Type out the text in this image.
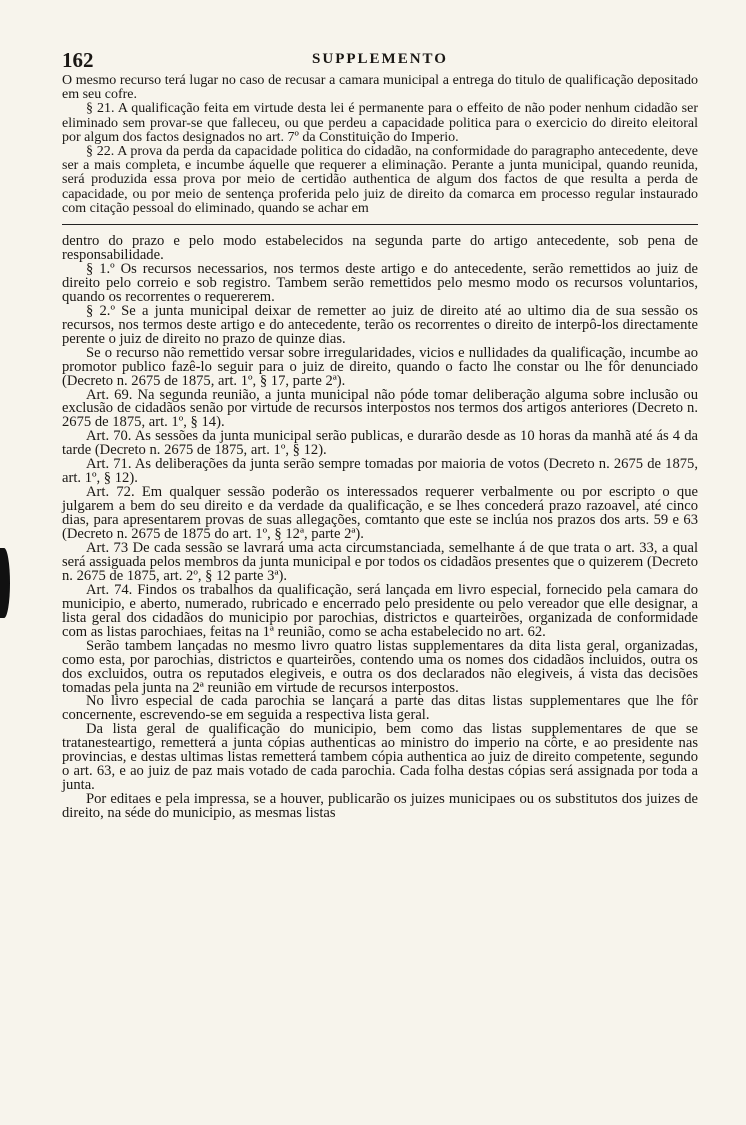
162	SUPPLEMENTO

O mesmo recurso terá lugar no caso de recusar a camara municipal a entrega do titulo de qualificação depositado em seu cofre.

§ 21. A qualificação feita em virtude desta lei é permanente para o effeito de não poder nenhum cidadão ser eliminado sem provar-se que falleceu, ou que perdeu a capacidade politica para o exercicio do direito eleitoral por algum dos factos designados no art. 7º da Constituição do Imperio.

§ 22. A prova da perda da capacidade politica do cidadão, na conformidade do paragrapho antecedente, deve ser a mais completa, e incumbe áquelle que requerer a eliminação. Perante a junta municipal, quando reunida, será produzida essa prova por meio de certidão authentica de algum dos factos de que resulta a perda de capacidade, ou por meio de sentença proferida pelo juiz de direito da comarca em processo regular instaurado com citação pessoal do eliminado, quando se achar em

dentro do prazo e pelo modo estabelecidos na segunda parte do artigo antecedente, sob pena de responsabilidade.

§ 1.º Os recursos necessarios, nos termos deste artigo e do antecedente, serão remettidos ao juiz de direito pelo correio e sob registro. Tambem serão remettidos pelo mesmo modo os recursos voluntarios, quando os recorrentes o requererem.

§ 2.º Se a junta municipal deixar de remetter ao juiz de direito até ao ultimo dia de sua sessão os recursos, nos termos deste artigo e do antecedente, terão os recorrentes o direito de interpô-los directamente perente o juiz de direito no prazo de quinze dias.

Se o recurso não remettido versar sobre irregularidades, vicios e nullidades da qualificação, incumbe ao promotor publico fazê-lo seguir para o juiz de direito, quando o facto lhe constar ou lhe fôr denunciado (Decreto n. 2675 de 1875, art. 1º, § 17, parte 2ª).

Art. 69. Na segunda reunião, a junta municipal não póde tomar deliberação alguma sobre inclusão ou exclusão de cidadãos senão por virtude de recursos interpostos nos termos dos artigos anteriores (Decreto n. 2675 de 1875, art. 1º, § 14).

Art. 70. As sessões da junta municipal serão publicas, e durarão desde as 10 horas da manhã até ás 4 da tarde (Decreto n. 2675 de 1875, art. 1º, § 12).

Art. 71. As deliberações da junta serão sempre tomadas por maioria de votos (Decreto n. 2675 de 1875, art. 1º, § 12).

Art. 72. Em qualquer sessão poderão os interessados requerer verbalmente ou por escripto o que julgarem a bem do seu direito e da verdade da qualificação, e se lhes concederá prazo razoavel, até cinco dias, para apresentarem provas de suas allegações, comtanto que este se inclúa nos prazos dos arts. 59 e 63 (Decreto n. 2675 de 1875 do art. 1º, § 12ª, parte 2ª).

Art. 73 De cada sessão se lavrará uma acta circumstanciada, semelhante á de que trata o art. 33, a qual será assiguada pelos membros da junta municipal e por todos os cidadãos presentes que o quizerem (Decreto n. 2675 de 1875, art. 2º, § 12 parte 3ª).

Art. 74. Findos os trabalhos da qualificação, será lançada em livro especial, fornecido pela camara do municipio, e aberto, numerado, rubricado e encerrado pelo presidente ou pelo vereador que elle designar, a lista geral dos cidadãos do municipio por parochias, districtos e quarteirões, organizada de conformidade com as listas parochiaes, feitas na 1ª reunião, como se acha estabelecido no art. 62.

Serão tambem lançadas no mesmo livro quatro listas supplementares da dita lista geral, organizadas, como esta, por parochias, districtos e quarteirões, contendo uma os nomes dos cidadãos incluidos, outra os dos excluidos, outra os reputados elegiveis, e outra os dos declarados não elegiveis, á vista das decisões tomadas pela junta na 2ª reunião em virtude de recursos interpostos.

No livro especial de cada parochia se lançará a parte das ditas listas supplementares que lhe fôr concernente, escrevendo-se em seguida a respectiva lista geral.

Da lista geral de qualificação do municipio, bem como das listas supplementares de que se tratanesteartigo, remetterá a junta cópias authenticas ao ministro do imperio na côrte, e ao presidente nas provincias, e destas ultimas listas remetterá tambem cópia authentica ao juiz de direito competente, segundo o art. 63, e ao juiz de paz mais votado de cada parochia. Cada folha destas cópias será assignada por toda a junta.

Por editaes e pela impressa, se a houver, publicarão os juizes municipaes ou os substitutos dos juizes de direito, na séde do municipio, as mesmas listas
